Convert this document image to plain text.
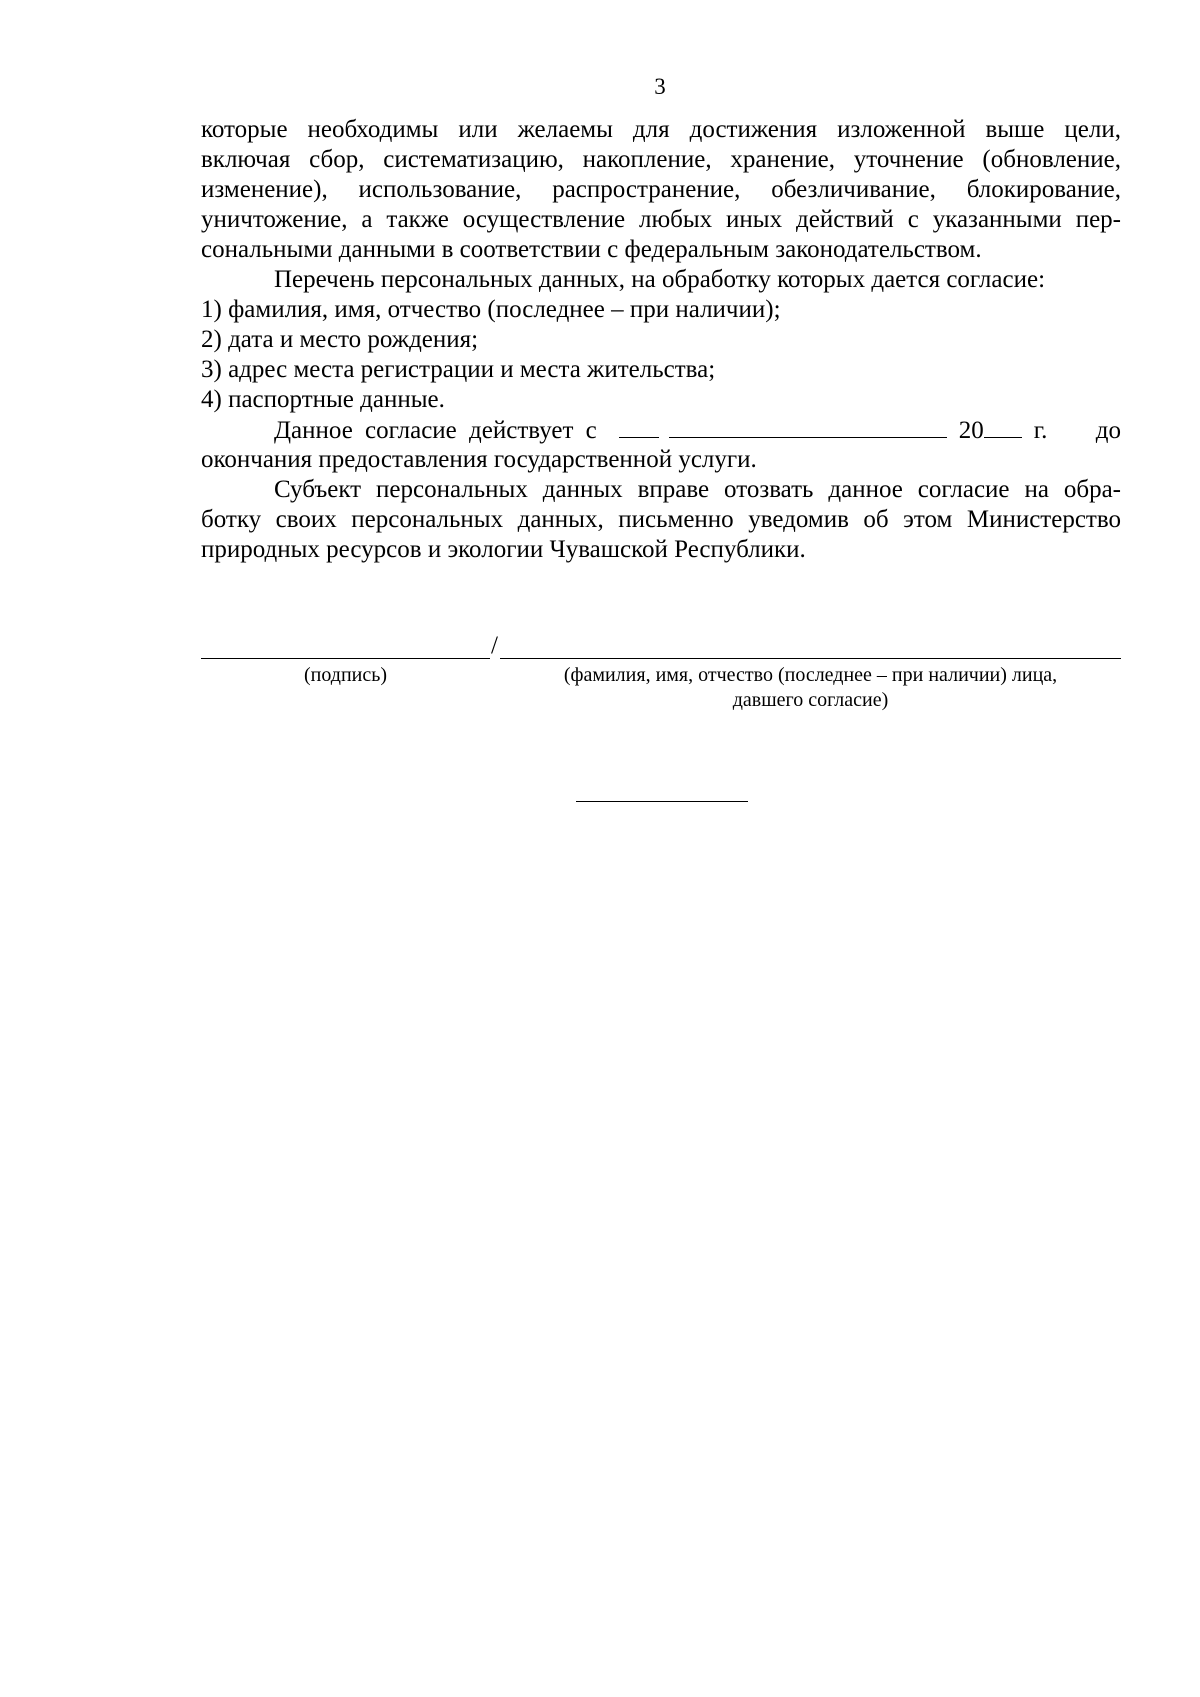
3

которые необходимы или желаемы для достижения изложенной выше цели,
включая сбор, систематизацию, накопление, хранение, уточнение (обновление,
изменение), использование, распространение, обезличивание, блокирование,
уничтожение, а также осуществление любых иных действий с указанными пер-
сональными данными в соответствии с федеральным законодательством.

Перечень персональных данных, на обработку которых дается согласие:

1) фамилия, имя, отчество (последнее – при наличии);
2) дата и место рождения;
3) адрес места регистрации и места жительства;
4) паспортные данные.
Данное согласие действует с	20 г. до

окончания предоставления государственной услуги.

Субъект персональных данных вправе отозвать данное согласие на обра-
ботку своих персональных данных, письменно уведомив об этом Министерство
природных ресурсов и экологии Чувашской Республики.

/
(подпись)	(фамилия, имя, отчество (последнее – при наличии) лица,
давшего согласие)
